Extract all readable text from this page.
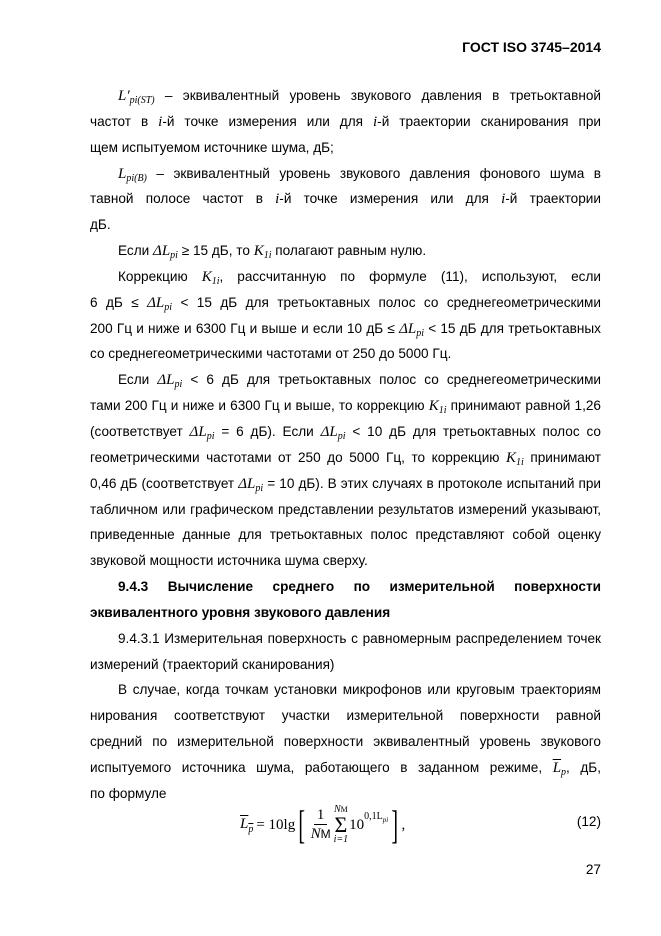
ГОСТ ISO 3745–2014
$L'_{pi(ST)}$ – эквивалентный уровень звукового давления в третьоктавной
частот в i-й точке измерения или для i-й траектории сканирования при
щем испытуемом источнике шума, дБ;
$L_{pi(B)}$ – эквивалентный уровень звукового давления фонового шума в
тавной полосе частот в i-й точке измерения или для i-й траектории
дБ.
Если $\Delta L_{pi} \ge 15$ дБ, то $K_{1i}$ полагают равным нулю.
Коррекцию $K_{1i}$, рассчитанную по формуле (11), используют, если
6 дБ ≤ $\Delta L_{pi} < 15$ дБ для третьоктавных полос со среднегеометрическими
200 Гц и ниже и 6300 Гц и выше и если 10 дБ ≤ $\Delta L_{pi} < 15$ дБ для третьоктавных
со среднегеометрическими частотами от 250 до 5000 Гц.
Если $\Delta L_{pi} < 6$ дБ для третьоктавных полос со среднегеометрическими
тами 200 Гц и ниже и 6300 Гц и выше, то коррекцию $K_{1i}$ принимают равной 1,26
(соответствует $\Delta L_{pi} = 6$ дБ). Если $\Delta L_{pi} < 10$ дБ для третьоктавных полос со
геометрическими частотами от 250 до 5000 Гц, то коррекцию $K_{1i}$ принимают
0,46 дБ (соответствует $\Delta L_{pi} = 10$ дБ). В этих случаях в протоколе испытаний при
табличном или графическом представлении результатов измерений указывают,
приведенные данные для третьоктавных полос представляют собой оценку
звуковой мощности источника шума сверху.
9.4.3 Вычисление среднего по измерительной поверхности
эквивалентного уровня звукового давления
9.4.3.1 Измерительная поверхность с равномерным распределением точек
измерений (траекторий сканирования)
В случае, когда точкам установки микрофонов или круговым траекториям
нирования соответствуют участки измерительной поверхности равной
средний по измерительной поверхности эквивалентный уровень звукового
испытуемого источника шума, работающего в заданном режиме, $\overline{L}_p$, дБ,
по формуле
$L_p = 10\lg$ [ $\frac{1}{NМ}$ NМ
Σ
i=1
10
$^{0,1L_{pi}}$ ] ,	(12)
27
